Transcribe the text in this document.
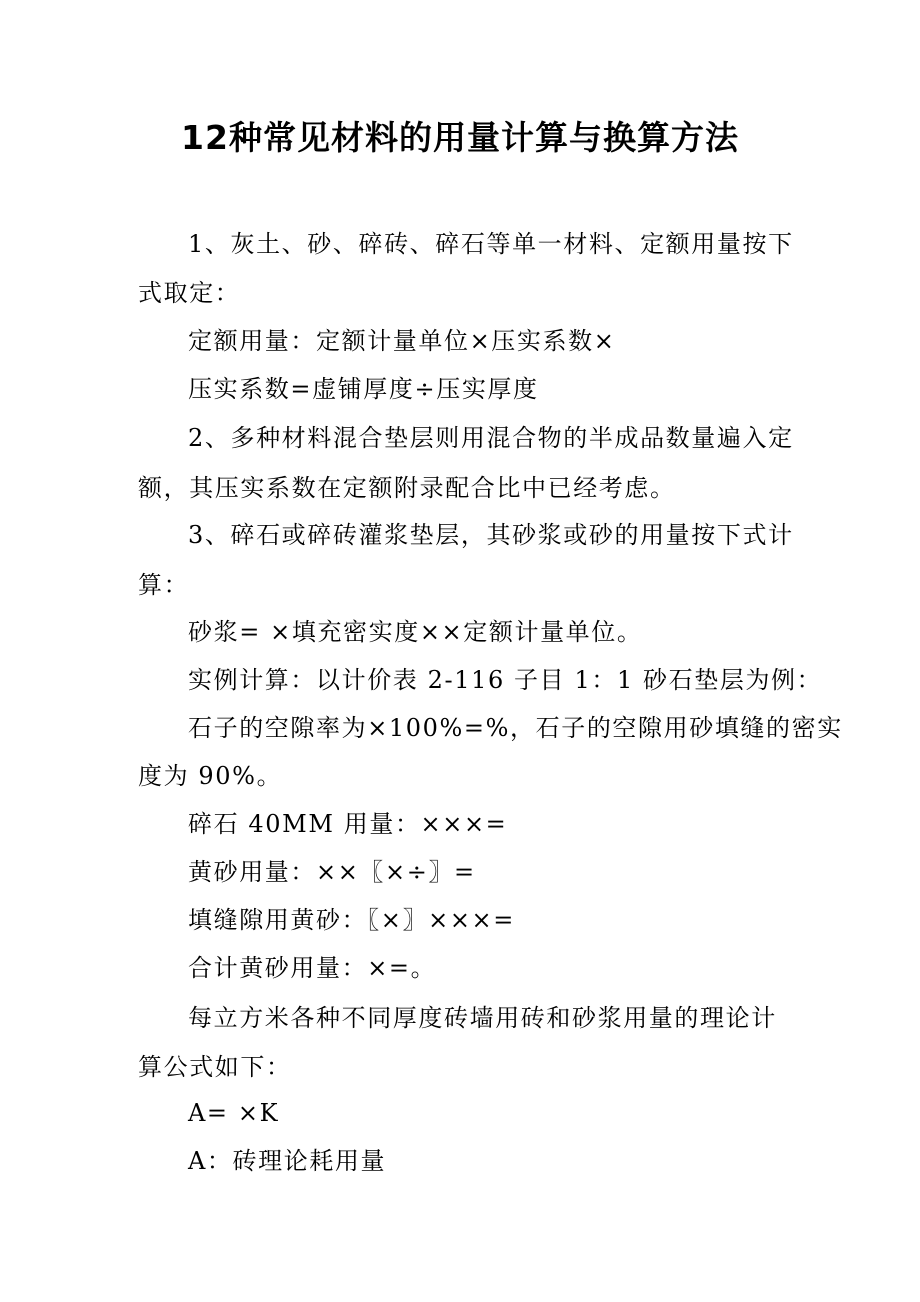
12种常见材料的用量计算与换算方法
1、灰土、砂、碎砖、碎石等单一材料、定额用量按下
式取定：
定额用量：定额计量单位×压实系数×
压实系数=虚铺厚度÷压实厚度
2、多种材料混合垫层则用混合物的半成品数量遍入定
额，其压实系数在定额附录配合比中已经考虑。
3、碎石或碎砖灌浆垫层，其砂浆或砂的用量按下式计
算：
砂浆= ×填充密实度××定额计量单位。
实例计算：以计价表 2-116 子目 1：1 砂石垫层为例：
石子的空隙率为×100%=%，石子的空隙用砂填缝的密实
度为 90%。
碎石 40MM 用量：×××=
黄砂用量：××〖×÷〗=
填缝隙用黄砂：〖×〗×××=
合计黄砂用量：×=。
每立方米各种不同厚度砖墙用砖和砂浆用量的理论计
算公式如下：
A= ×K
A：砖理论耗用量
